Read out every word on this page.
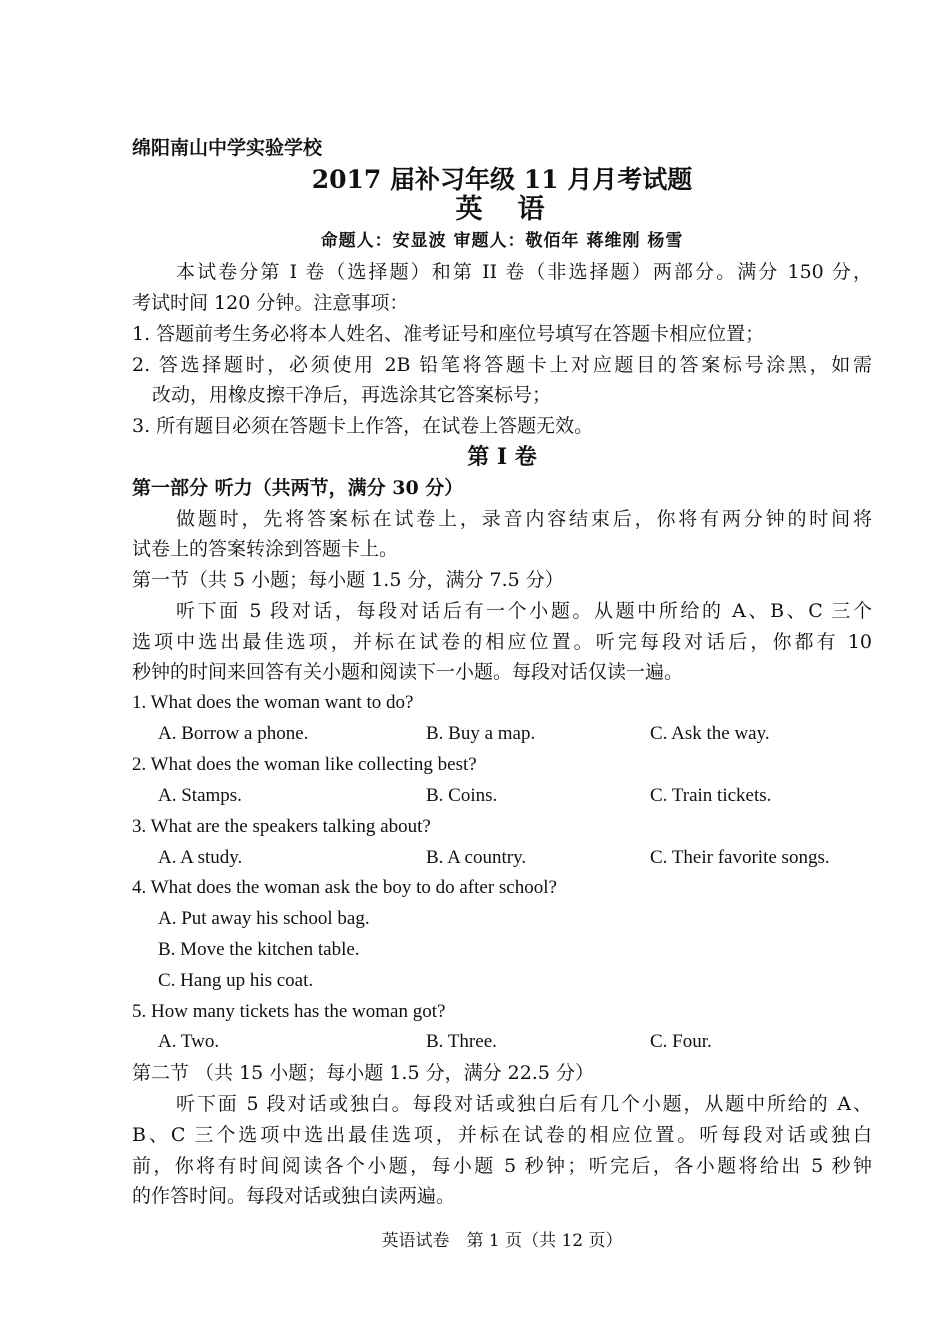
绵阳南山中学实验学校
2017 届补习年级 11 月月考试题
英　语
命题人：安显波 审题人：敬佰年 蒋维刚 杨雪
本试卷分第 I 卷（选择题）和第 II 卷（非选择题）两部分。满分 150 分，
考试时间 120 分钟。注意事项：
1. 答题前考生务必将本人姓名、准考证号和座位号填写在答题卡相应位置；
2. 答选择题时，必须使用 2B 铅笔将答题卡上对应题目的答案标号涂黑，如需
改动，用橡皮擦干净后，再选涂其它答案标号；
3. 所有题目必须在答题卡上作答，在试卷上答题无效。
第 I 卷
第一部分 听力（共两节，满分 30 分）
做题时，先将答案标在试卷上，录音内容结束后，你将有两分钟的时间将
试卷上的答案转涂到答题卡上。
第一节（共 5 小题；每小题 1.5 分，满分 7.5 分）
听下面 5 段对话，每段对话后有一个小题。从题中所给的 A、B、C 三个
选项中选出最佳选项，并标在试卷的相应位置。听完每段对话后，你都有 10
秒钟的时间来回答有关小题和阅读下一小题。每段对话仅读一遍。
1. What does the woman want to do?
A. Borrow a phone.	B. Buy a map.	C. Ask the way.
2. What does the woman like collecting best?
A. Stamps.	B. Coins.	C. Train tickets.
3. What are the speakers talking about?
A. A study.	B. A country.	C. Their favorite songs.
4. What does the woman ask the boy to do after school?
A. Put away his school bag.
B. Move the kitchen table.
C. Hang up his coat.
5. How many tickets has the woman got?
A. Two.	B. Three.	C. Four.
第二节 （共 15 小题；每小题 1.5 分，满分 22.5 分）
听下面 5 段对话或独白。每段对话或独白后有几个小题，从题中所给的 A、
B、C 三个选项中选出最佳选项，并标在试卷的相应位置。听每段对话或独白
前，你将有时间阅读各个小题，每小题 5 秒钟；听完后，各小题将给出 5 秒钟
的作答时间。每段对话或独白读两遍。
英语试卷　第 1 页（共 12 页）
